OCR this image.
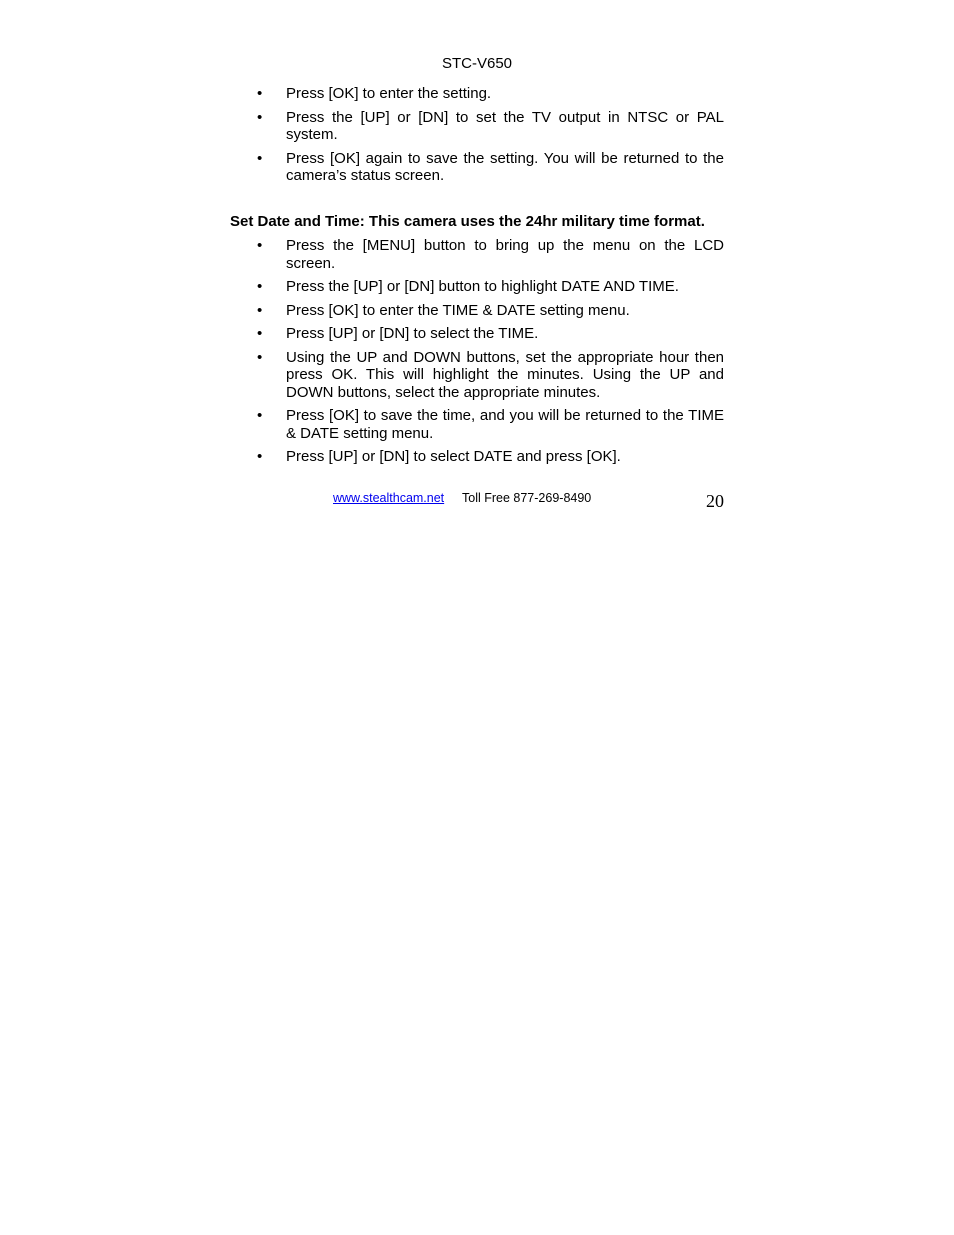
STC-V650
• Press [OK] to enter the setting.
• Press the [UP] or [DN] to set the TV output in NTSC or PAL system.
• Press [OK] again to save the setting. You will be returned to the camera’s status screen.
Set Date and Time: This camera uses the 24hr military time format.
• Press the [MENU] button to bring up the menu on the LCD screen.
• Press the [UP] or [DN] button to highlight DATE AND TIME.
• Press [OK] to enter the TIME & DATE setting menu.
• Press [UP] or [DN] to select the TIME.
• Using the UP and DOWN buttons, set the appropriate hour then press OK. This will highlight the minutes. Using the UP and DOWN buttons, select the appropriate minutes.
• Press [OK] to save the time, and you will be returned to the TIME & DATE setting menu.
• Press [UP] or [DN] to select DATE and press [OK].
www.stealthcam.net Toll Free 877-269-8490	20
